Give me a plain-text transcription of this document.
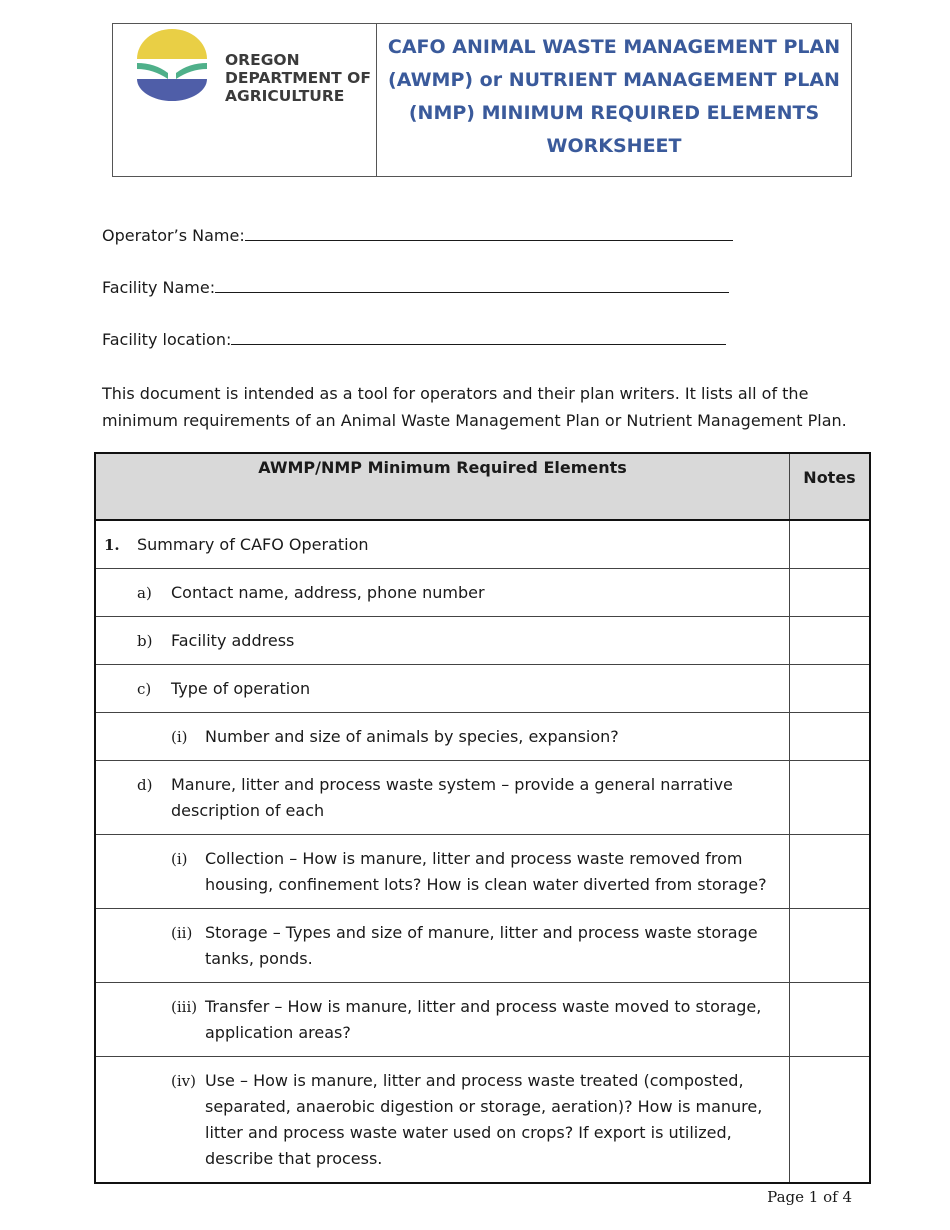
OREGON
DEPARTMENT OF
AGRICULTURE
CAFO ANIMAL WASTE MANAGEMENT PLAN
(AWMP) or NUTRIENT MANAGEMENT PLAN
(NMP) MINIMUM REQUIRED ELEMENTS
WORKSHEET
Operator’s Name:
Facility Name:
Facility location:
This document is intended as a tool for operators and their plan writers. It lists all of the minimum requirements of an Animal Waste Management Plan or Nutrient Management Plan.
AWMP/NMP Minimum Required Elements	Notes

1. Summary of CAFO Operation	

a) Contact name, address, phone number	

b) Facility address	

c) Type of operation	

(i) Number and size of animals by species, expansion?	

d) Manure, litter and process waste system – provide a general narrative description of each	

(i) Collection – How is manure, litter and process waste removed from housing, confinement lots? How is clean water diverted from storage?	

(ii) Storage – Types and size of manure, litter and process waste storage tanks, ponds.	

(iii) Transfer – How is manure, litter and process waste moved to storage, application areas?	

(iv) Use – How is manure, litter and process waste treated (composted, separated, anaerobic digestion or storage, aeration)? How is manure, litter and process waste water used on crops? If export is utilized, describe that process.	

Page 1 of 4
